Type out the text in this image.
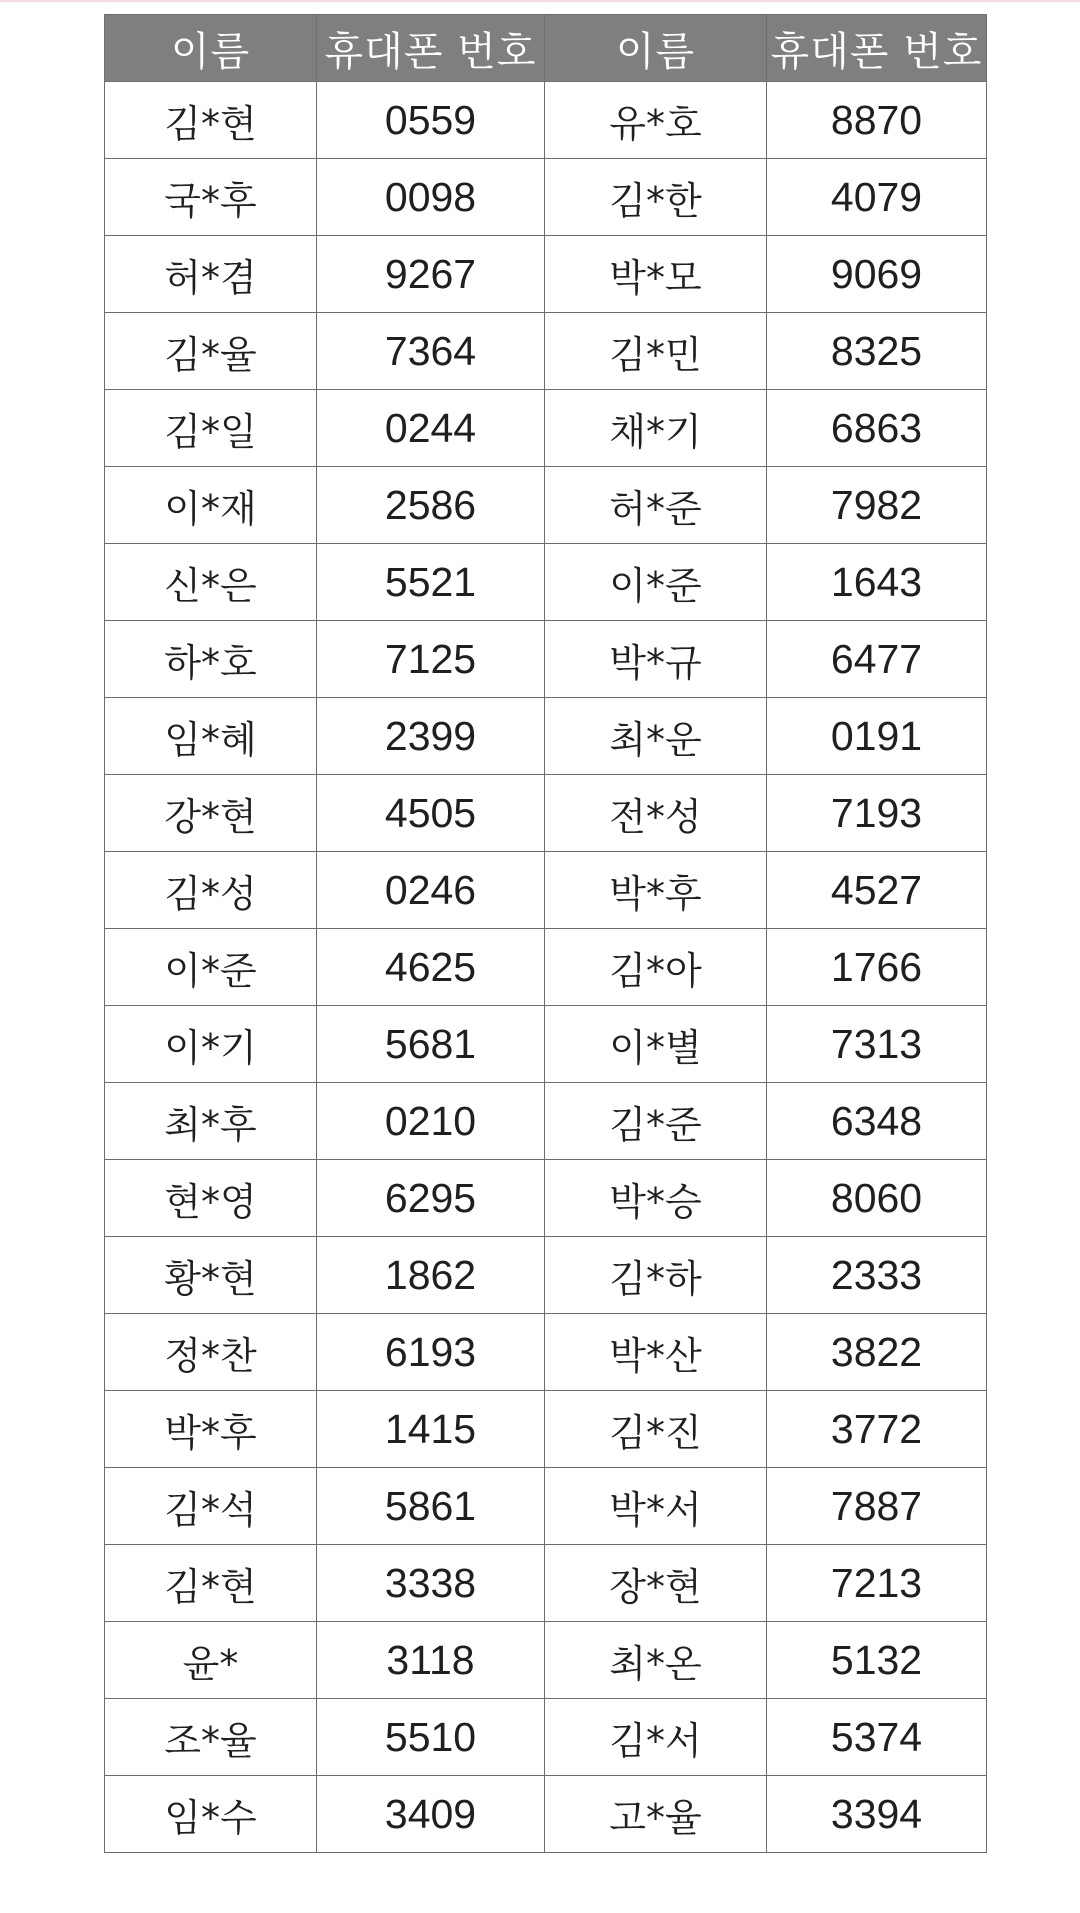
이름	휴대폰 번호	이름	휴대폰 번호
김*현	0559	유*호	8870
국*후	0098	김*한	4079
허*겸	9267	박*모	9069
김*율	7364	김*민	8325
김*일	0244	채*기	6863
이*재	2586	허*준	7982
신*은	5521	이*준	1643
하*호	7125	박*규	6477
임*혜	2399	최*운	0191
강*현	4505	전*성	7193
김*성	0246	박*후	4527
이*준	4625	김*아	1766
이*기	5681	이*별	7313
최*후	0210	김*준	6348
현*영	6295	박*승	8060
황*현	1862	김*하	2333
정*찬	6193	박*산	3822
박*후	1415	김*진	3772
김*석	5861	박*서	7887
김*현	3338	장*현	7213
윤*	3118	최*온	5132
조*율	5510	김*서	5374
임*수	3409	고*율	3394
